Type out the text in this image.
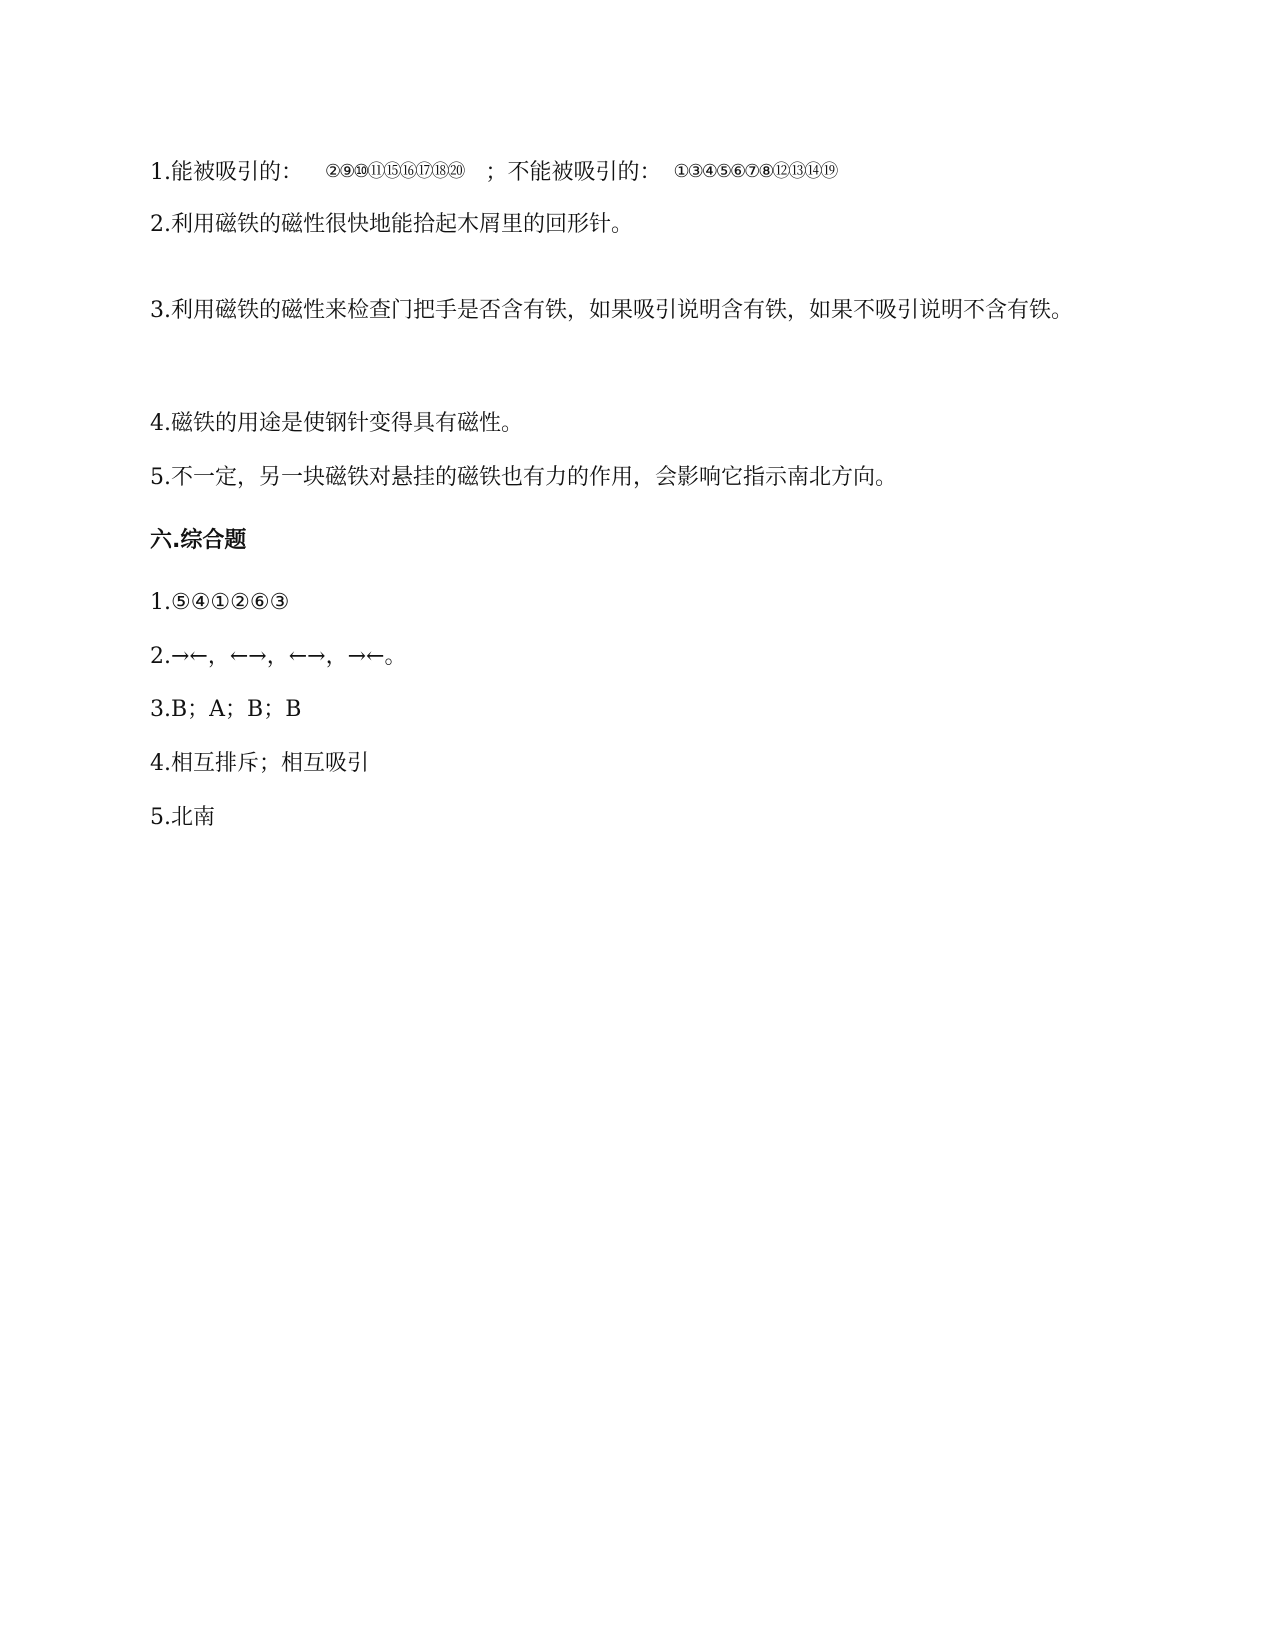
1.能被吸引的： ②⑨⑩⑪⑮⑯⑰⑱⑳ ；不能被吸引的： ①③④⑤⑥⑦⑧⑫⑬⑭⑲
2.利用磁铁的磁性很快地能拾起木屑里的回形针。
3.利用磁铁的磁性来检查门把手是否含有铁，如果吸引说明含有铁，如果不吸引说明不含有铁。
4.磁铁的用途是使钢针变得具有磁性。
5.不一定，另一块磁铁对悬挂的磁铁也有力的作用，会影响它指示南北方向。
六.综合题
1.⑤④①②⑥③
2.→←，←→，←→，→←。
3.B；A；B；B
4.相互排斥；相互吸引
5.北南
